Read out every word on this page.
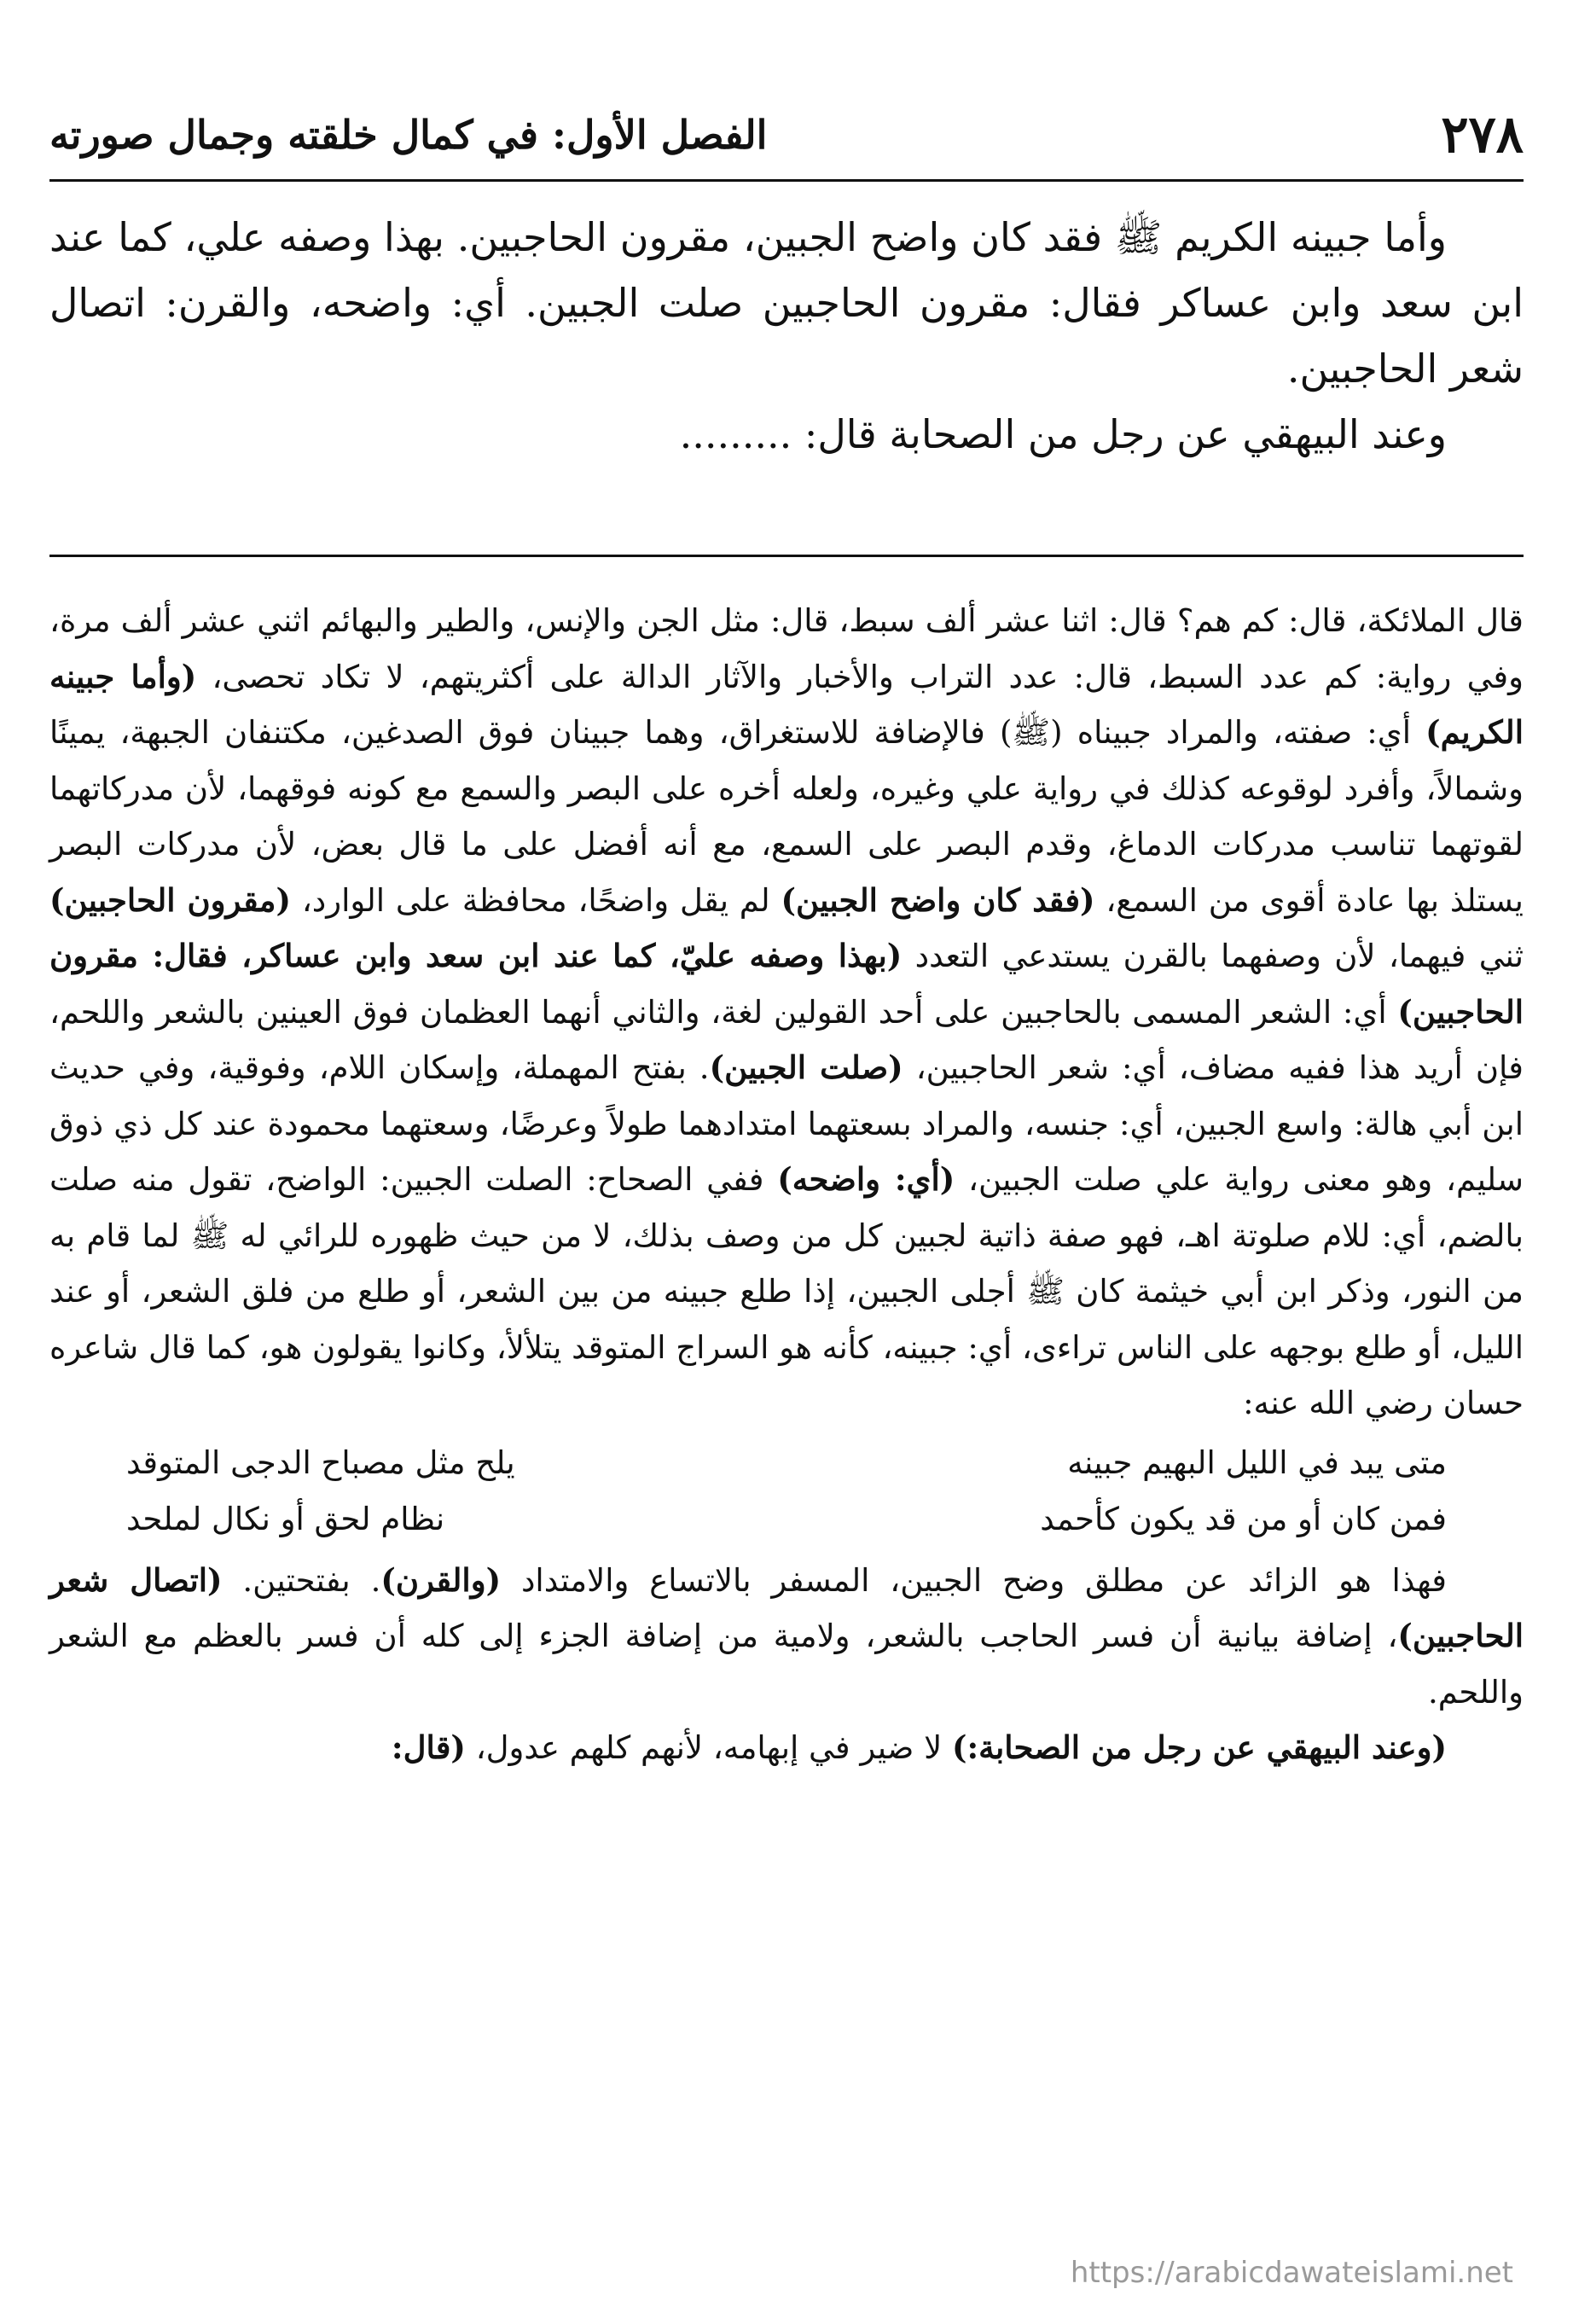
٢٧٨
الفصل الأول: في كمال خلقته وجمال صورته

وأما جبينه الكريم ﷺ فقد كان واضح الجبين، مقرون الحاجبين. بهذا وصفه علي، كما عند ابن سعد وابن عساكر فقال: مقرون الحاجبين صلت الجبين. أي: واضحه، والقرن: اتصال شعر الحاجبين.

وعند البيهقي عن رجل من الصحابة قال: .........

قال الملائكة، قال: كم هم؟ قال: اثنا عشر ألف سبط، قال: مثل الجن والإنس، والطير والبهائم اثني عشر ألف مرة، وفي رواية: كم عدد السبط، قال: عدد التراب والأخبار والآثار الدالة على أكثريتهم، لا تكاد تحصى، (وأما جبينه الكريم) أي: صفته، والمراد جبيناه (ﷺ) فالإضافة للاستغراق، وهما جبينان فوق الصدغين، مكتنفان الجبهة، يمينًا وشمالاً، وأفرد لوقوعه كذلك في رواية علي وغيره، ولعله أخره على البصر والسمع مع كونه فوقهما، لأن مدركاتهما لقوتهما تناسب مدركات الدماغ، وقدم البصر على السمع، مع أنه أفضل على ما قال بعض، لأن مدركات البصر يستلذ بها عادة أقوى من السمع، (فقد كان واضح الجبين) لم يقل واضحًا، محافظة على الوارد، (مقرون الحاجبين) ثني فيهما، لأن وصفهما بالقرن يستدعي التعدد (بهذا وصفه عليّ، كما عند ابن سعد وابن عساكر، فقال: مقرون الحاجبين) أي: الشعر المسمى بالحاجبين على أحد القولين لغة، والثاني أنهما العظمان فوق العينين بالشعر واللحم، فإن أريد هذا ففيه مضاف، أي: شعر الحاجبين، (صلت الجبين). بفتح المهملة، وإسكان اللام، وفوقية، وفي حديث ابن أبي هالة: واسع الجبين، أي: جنسه، والمراد بسعتهما امتدادهما طولاً وعرضًا، وسعتهما محمودة عند كل ذي ذوق سليم، وهو معنى رواية علي صلت الجبين، (أي: واضحه) ففي الصحاح: الصلت الجبين: الواضح، تقول منه صلت بالضم، أي: للام صلوتة اهـ، فهو صفة ذاتية لجبين كل من وصف بذلك، لا من حيث ظهوره للرائي له ﷺ لما قام به من النور، وذكر ابن أبي خيثمة كان ﷺ أجلى الجبين، إذا طلع جبينه من بين الشعر، أو طلع من فلق الشعر، أو عند الليل، أو طلع بوجهه على الناس تراءى، أي: جبينه، كأنه هو السراج المتوقد يتلألأ، وكانوا يقولون هو، كما قال شاعره حسان رضي الله عنه:

متى يبد في الليل البهيم جبينه
يلح مثل مصباح الدجى المتوقد
فمن كان أو من قد يكون كأحمد
نظام لحق أو نكال لملحد

فهذا هو الزائد عن مطلق وضح الجبين، المسفر بالاتساع والامتداد (والقرن). بفتحتين. (اتصال شعر الحاجبين)، إضافة بيانية أن فسر الحاجب بالشعر، ولامية من إضافة الجزء إلى كله أن فسر بالعظم مع الشعر واللحم.

(وعند البيهقي عن رجل من الصحابة:) لا ضير في إبهامه، لأنهم كلهم عدول، (قال:

https://arabicdawateislami.net
